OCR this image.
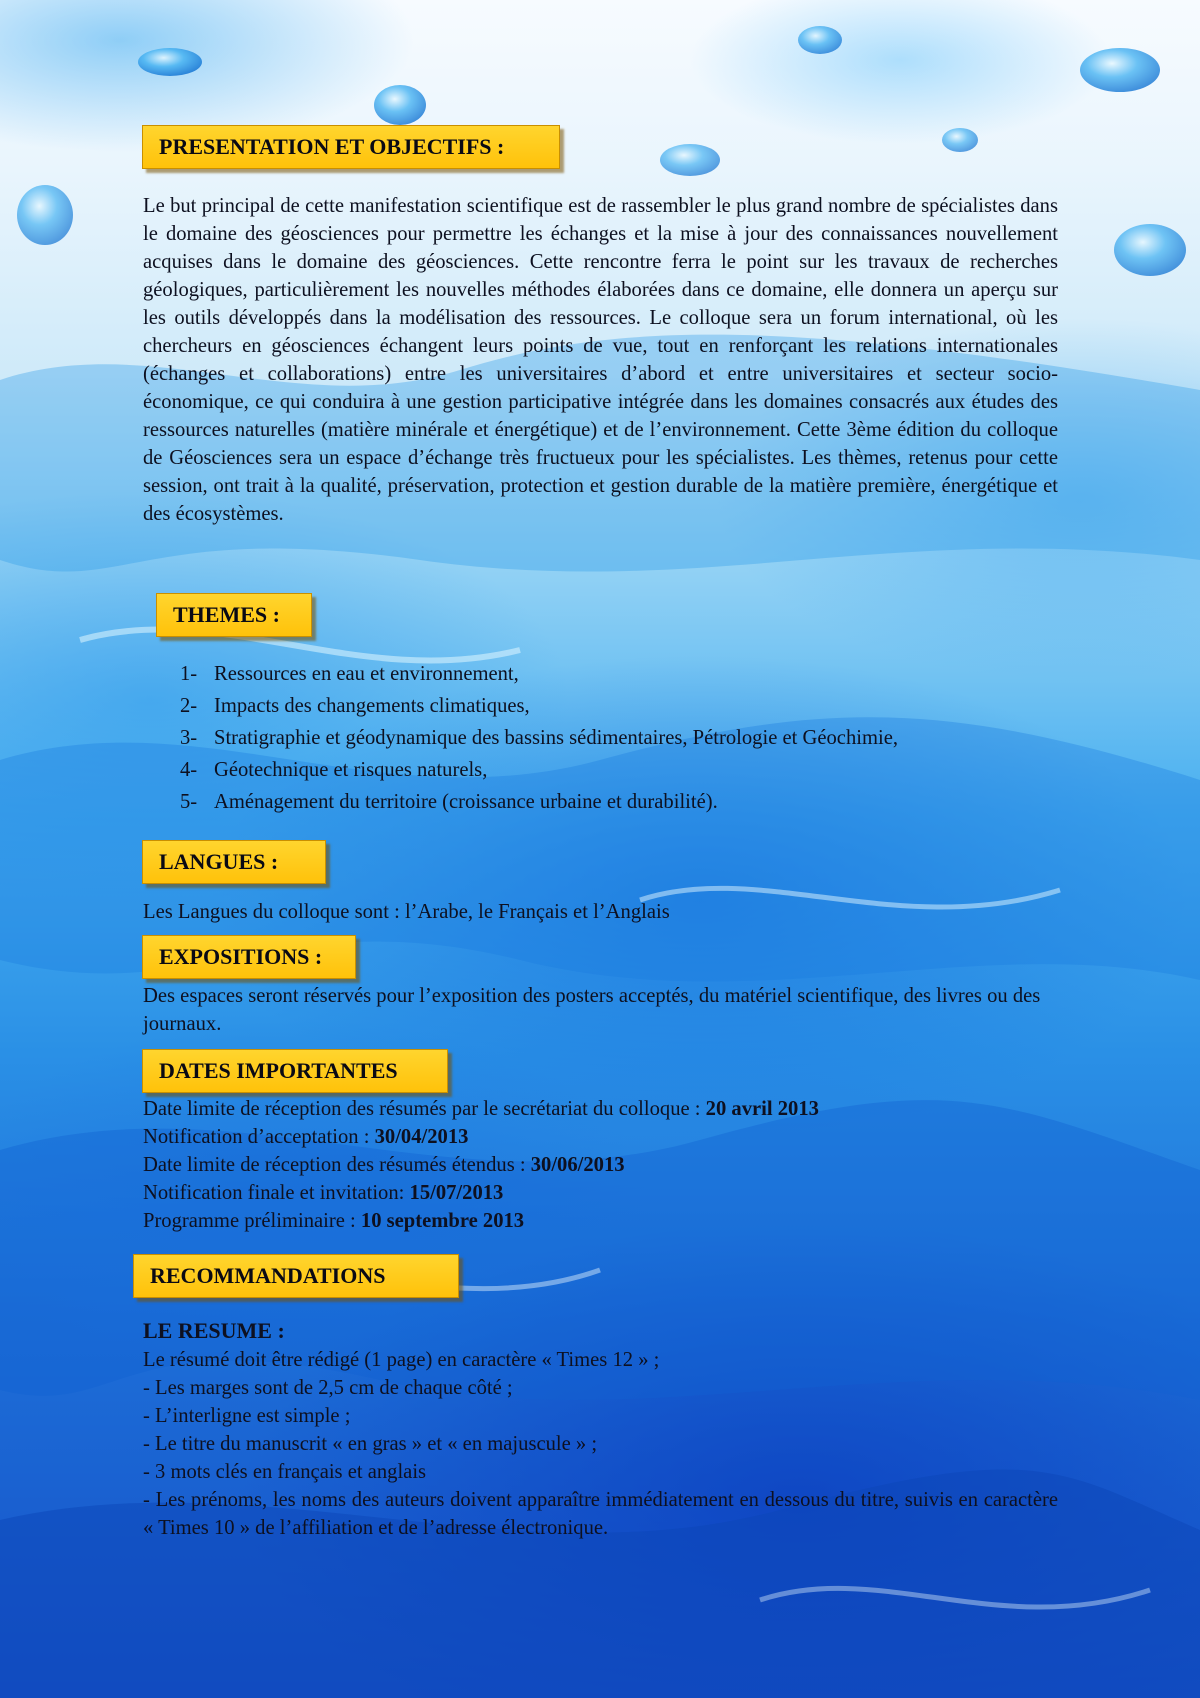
PRESENTATION ET OBJECTIFS :
Le but principal de cette manifestation scientifique est de rassembler le plus grand nombre de spécialistes dans le domaine des géosciences pour permettre les échanges et la mise à jour des connaissances nouvellement acquises dans le domaine des géosciences. Cette rencontre ferra le point sur les travaux de recherches géologiques, particulièrement les nouvelles méthodes élaborées dans ce domaine, elle donnera un aperçu sur les outils développés dans la modélisation des ressources. Le colloque sera un forum international, où les chercheurs en géosciences échangent leurs points de vue, tout en renforçant les relations internationales (échanges et collaborations) entre les universitaires d’abord et entre universitaires et secteur socio-économique, ce qui conduira à une gestion participative intégrée dans les domaines consacrés aux études des ressources naturelles (matière minérale et énergétique) et de l’environnement. Cette 3ème édition du colloque de Géosciences sera un espace d’échange très fructueux pour les spécialistes. Les thèmes, retenus pour cette session, ont trait à la qualité, préservation, protection et gestion durable de la matière première, énergétique et des écosystèmes.
THEMES :
1- Ressources en eau et environnement,
2- Impacts des changements climatiques,
3- Stratigraphie et géodynamique des bassins sédimentaires, Pétrologie et Géochimie,
4- Géotechnique et risques naturels,
5- Aménagement du territoire (croissance urbaine et durabilité).
LANGUES :
Les Langues du colloque sont : l’Arabe, le Français et l’Anglais
EXPOSITIONS :
Des espaces seront réservés pour l’exposition des posters acceptés, du matériel scientifique, des livres ou des journaux.
DATES IMPORTANTES
Date limite de réception des résumés par le secrétariat du colloque : 20 avril 2013
Notification d’acceptation : 30/04/2013
Date limite de réception des résumés étendus : 30/06/2013
Notification finale et invitation: 15/07/2013
Programme préliminaire : 10 septembre 2013
RECOMMANDATIONS
LE RESUME :
Le résumé doit être rédigé (1 page) en caractère « Times 12 » ;
- Les marges sont de 2,5 cm de chaque côté ;
- L’interligne est simple ;
- Le titre du manuscrit « en gras » et « en majuscule » ;
- 3 mots clés en français et anglais
- Les prénoms, les noms des auteurs doivent apparaître immédiatement en dessous du titre, suivis en caractère « Times 10 » de l’affiliation et de l’adresse électronique.
